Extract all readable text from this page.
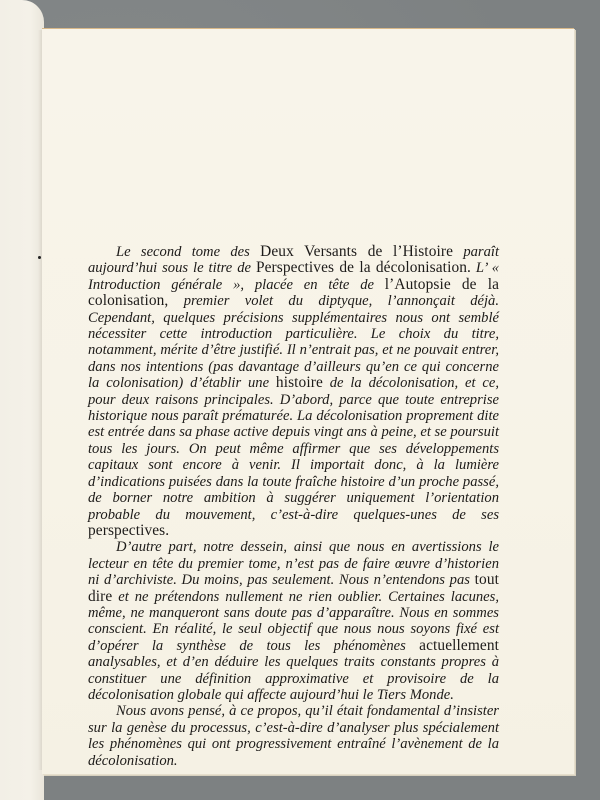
Le second tome des Deux Versants de l’Histoire paraît aujourd’hui sous le titre de Perspectives de la décolonisation. L’ « Introduction générale », placée en tête de l’Autopsie de la colonisation, premier volet du diptyque, l’annonçait déjà. Cependant, quelques précisions supplémentaires nous ont semblé nécessiter cette introduction particulière. Le choix du titre, notamment, mérite d’être justifié. Il n’entrait pas, et ne pouvait entrer, dans nos intentions (pas davantage d’ailleurs qu’en ce qui concerne la colonisation) d’établir une histoire de la décolonisation, et ce, pour deux raisons principales. D’abord, parce que toute entreprise historique nous paraît prématurée. La décolonisation proprement dite est entrée dans sa phase active depuis vingt ans à peine, et se poursuit tous les jours. On peut même affirmer que ses développements capitaux sont encore à venir. Il importait donc, à la lumière d’indications puisées dans la toute fraîche histoire d’un proche passé, de borner notre ambition à suggérer uniquement l’orientation probable du mouvement, c’est-à-dire quelques-unes de ses perspectives.

D’autre part, notre dessein, ainsi que nous en avertissions le lecteur en tête du premier tome, n’est pas de faire œuvre d’historien ni d’archiviste. Du moins, pas seulement. Nous n’entendons pas tout dire et ne prétendons nullement ne rien oublier. Certaines lacunes, même, ne manqueront sans doute pas d’apparaître. Nous en sommes conscient. En réalité, le seul objectif que nous nous soyons fixé est d’opérer la synthèse de tous les phénomènes actuellement analysables, et d’en déduire les quelques traits constants propres à constituer une définition approximative et provisoire de la décolonisation globale qui affecte aujourd’hui le Tiers Monde.

Nous avons pensé, à ce propos, qu’il était fondamental d’insister sur la genèse du processus, c’est-à-dire d’analyser plus spécialement les phénomènes qui ont progressivement entraîné l’avènement de la décolonisation.
